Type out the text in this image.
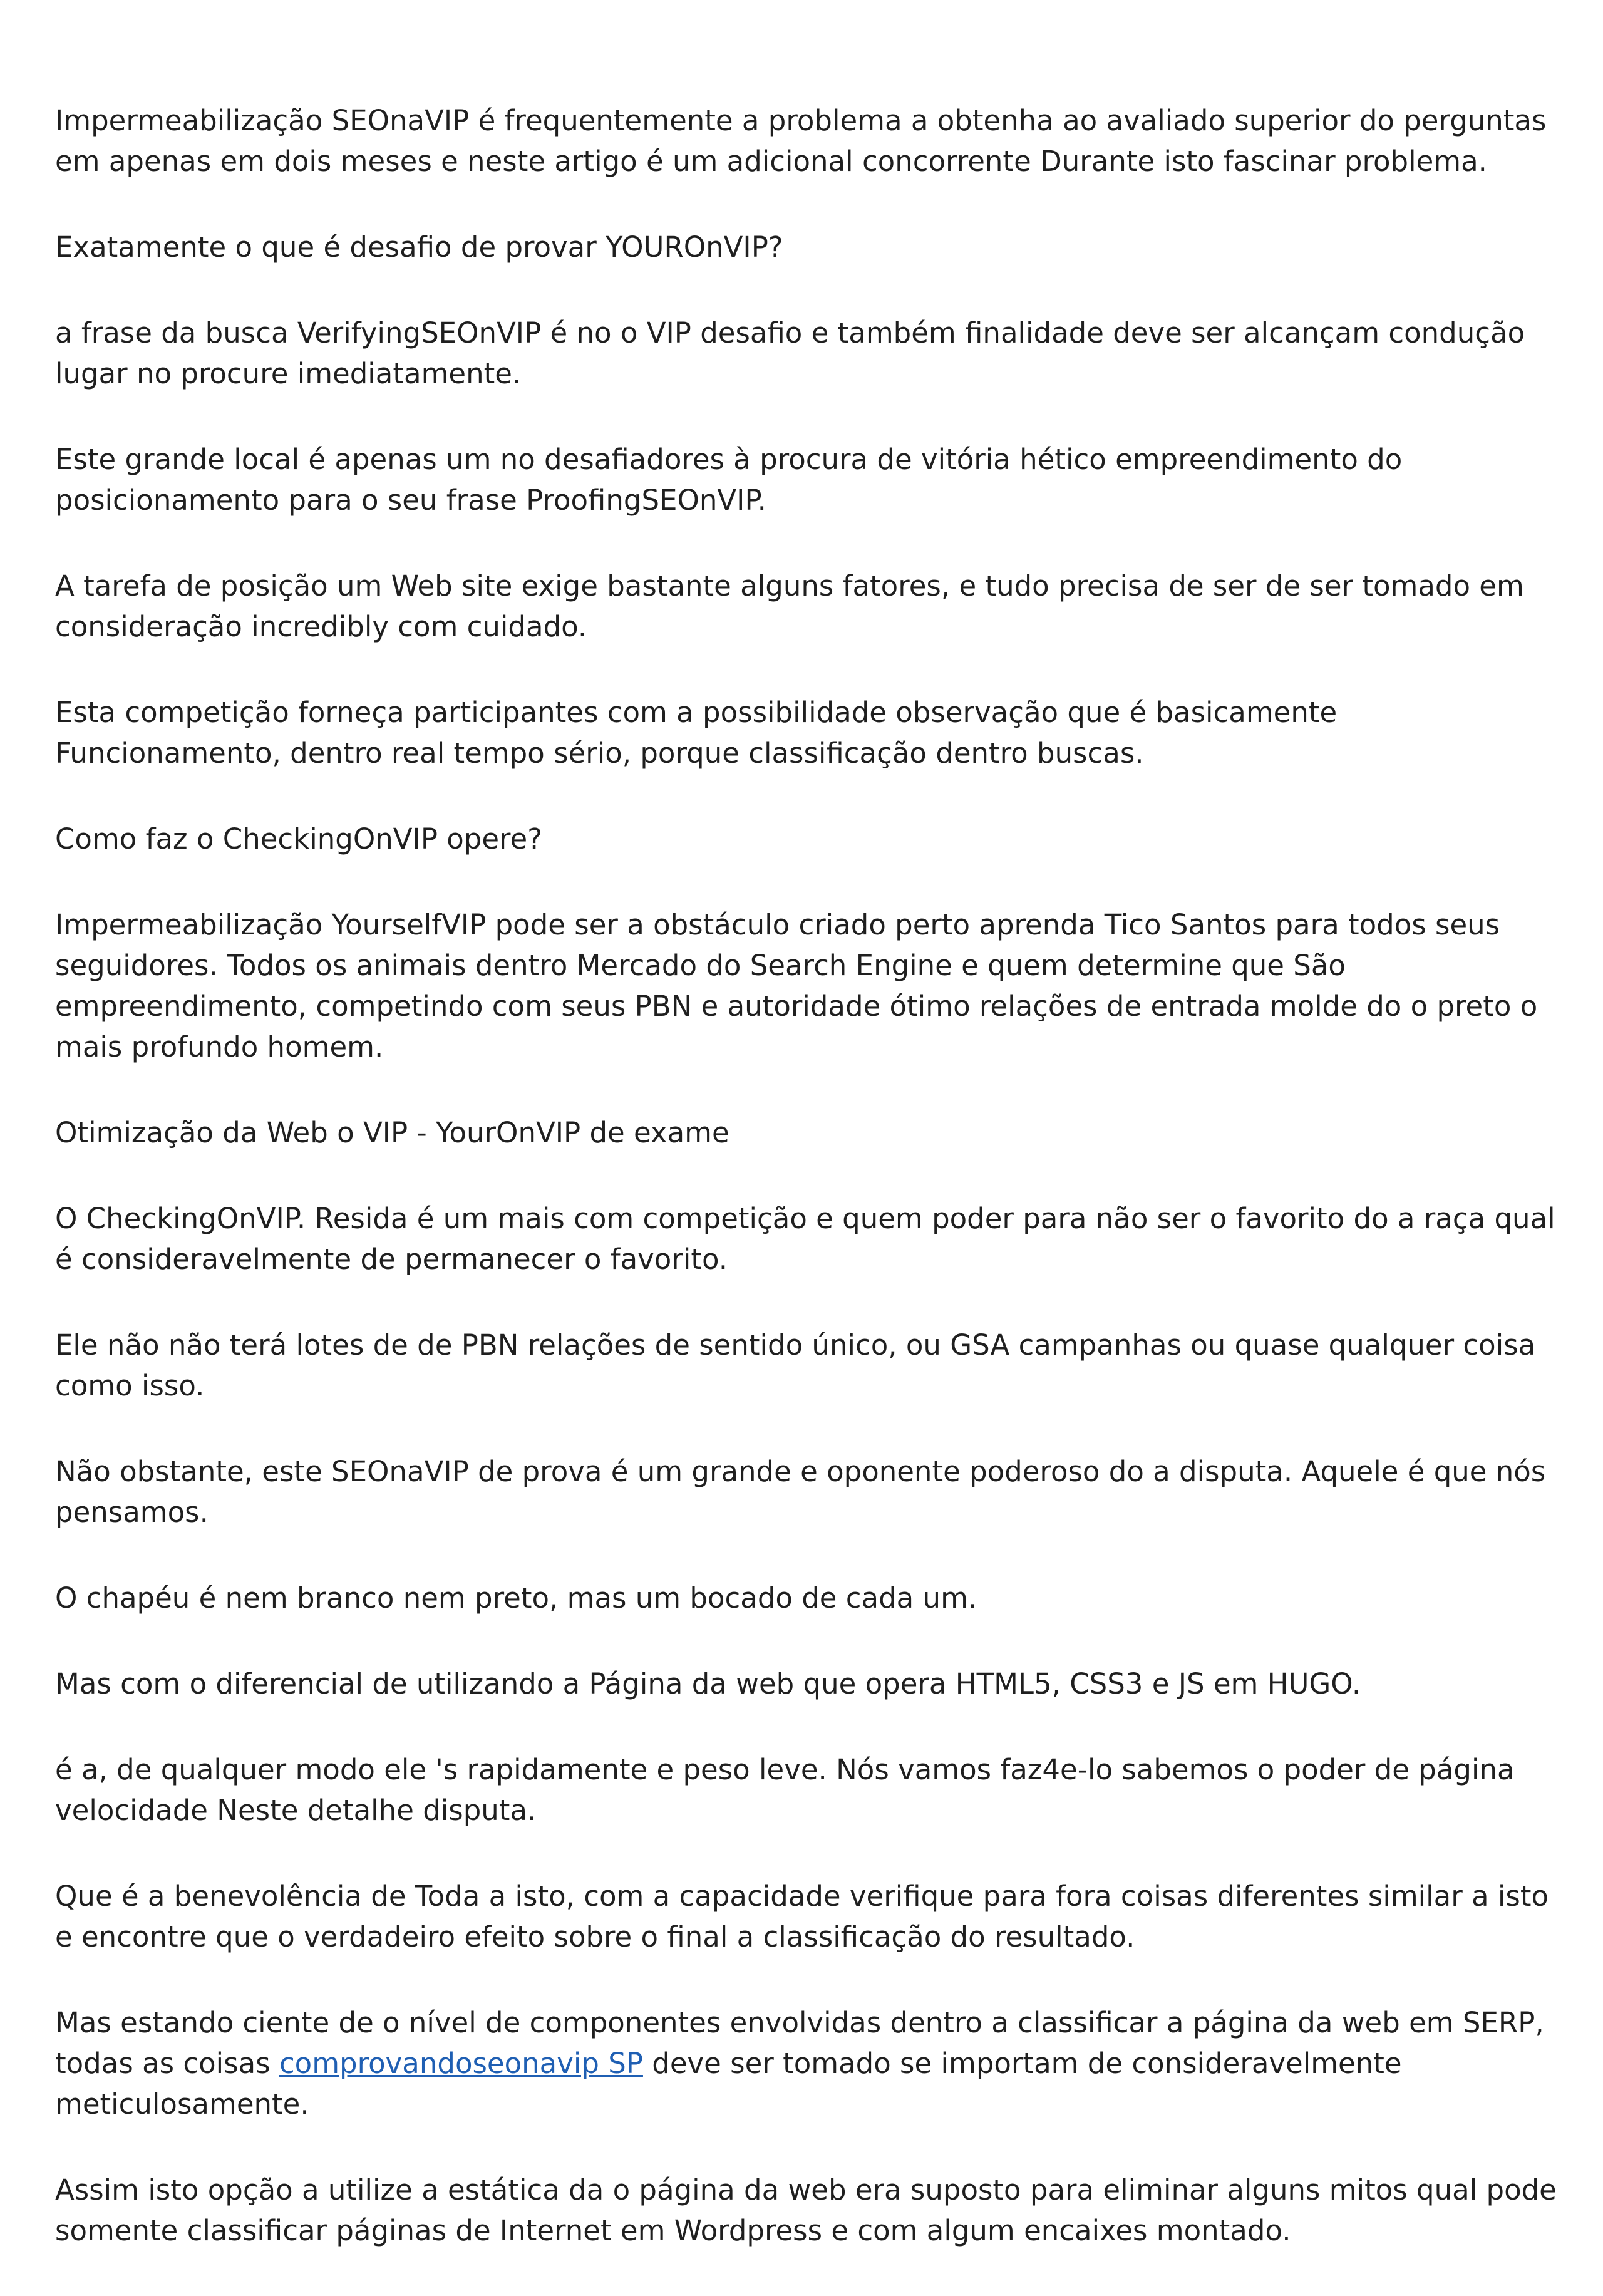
Impermeabilização SEOnaVIP é frequentemente a problema a obtenha ao avaliado superior do perguntas em apenas em dois meses e neste artigo é um adicional concorrente Durante isto fascinar problema.

Exatamente o que é desafio de provar YOUROnVIP?

a frase da busca VerifyingSEOnVIP é no o VIP desafio e também finalidade deve ser alcançam condução lugar no procure imediatamente.

Este grande local é apenas um no desafiadores à procura de vitória hético empreendimento do posicionamento para o seu frase ProofingSEOnVIP.

A tarefa de posição um Web site exige bastante alguns fatores, e tudo precisa de ser de ser tomado em consideração incredibly com cuidado.

Esta competição forneça participantes com a possibilidade observação que é basicamente Funcionamento, dentro real tempo sério, porque classificação dentro buscas.

Como faz o CheckingOnVIP opere?

Impermeabilização YourselfVIP pode ser a obstáculo criado perto aprenda Tico Santos para todos seus seguidores. Todos os animais dentro Mercado do Search Engine e quem determine que São empreendimento, competindo com seus PBN e autoridade ótimo relações de entrada molde do o preto o mais profundo homem.

Otimização da Web o VIP - YourOnVIP de exame

O CheckingOnVIP. Resida é um mais com competição e quem poder para não ser o favorito do a raça qual é consideravelmente de permanecer o favorito.

Ele não não terá lotes de de PBN relações de sentido único, ou GSA campanhas ou quase qualquer coisa como isso.

Não obstante, este SEOnaVIP de prova é um grande e oponente poderoso do a disputa. Aquele é que nós pensamos.

O chapéu é nem branco nem preto, mas um bocado de cada um.

Mas com o diferencial de utilizando a Página da web que opera HTML5, CSS3 e JS em HUGO.

é a, de qualquer modo ele 's rapidamente e peso leve. Nós vamos faz4e-lo sabemos o poder de página velocidade Neste detalhe disputa.

Que é a benevolência de Toda a isto, com a capacidade verifique para fora coisas diferentes similar a isto e encontre que o verdadeiro efeito sobre o final a classificação do resultado.

Mas estando ciente de o nível de componentes envolvidas dentro a classificar a página da web em SERP, todas as coisas comprovandoseonavip SP deve ser tomado se importam de consideravelmente meticulosamente.

Assim isto opção a utilize a estática da o página da web era suposto para eliminar alguns mitos qual pode somente classificar páginas de Internet em Wordpress e com algum encaixes montado.
